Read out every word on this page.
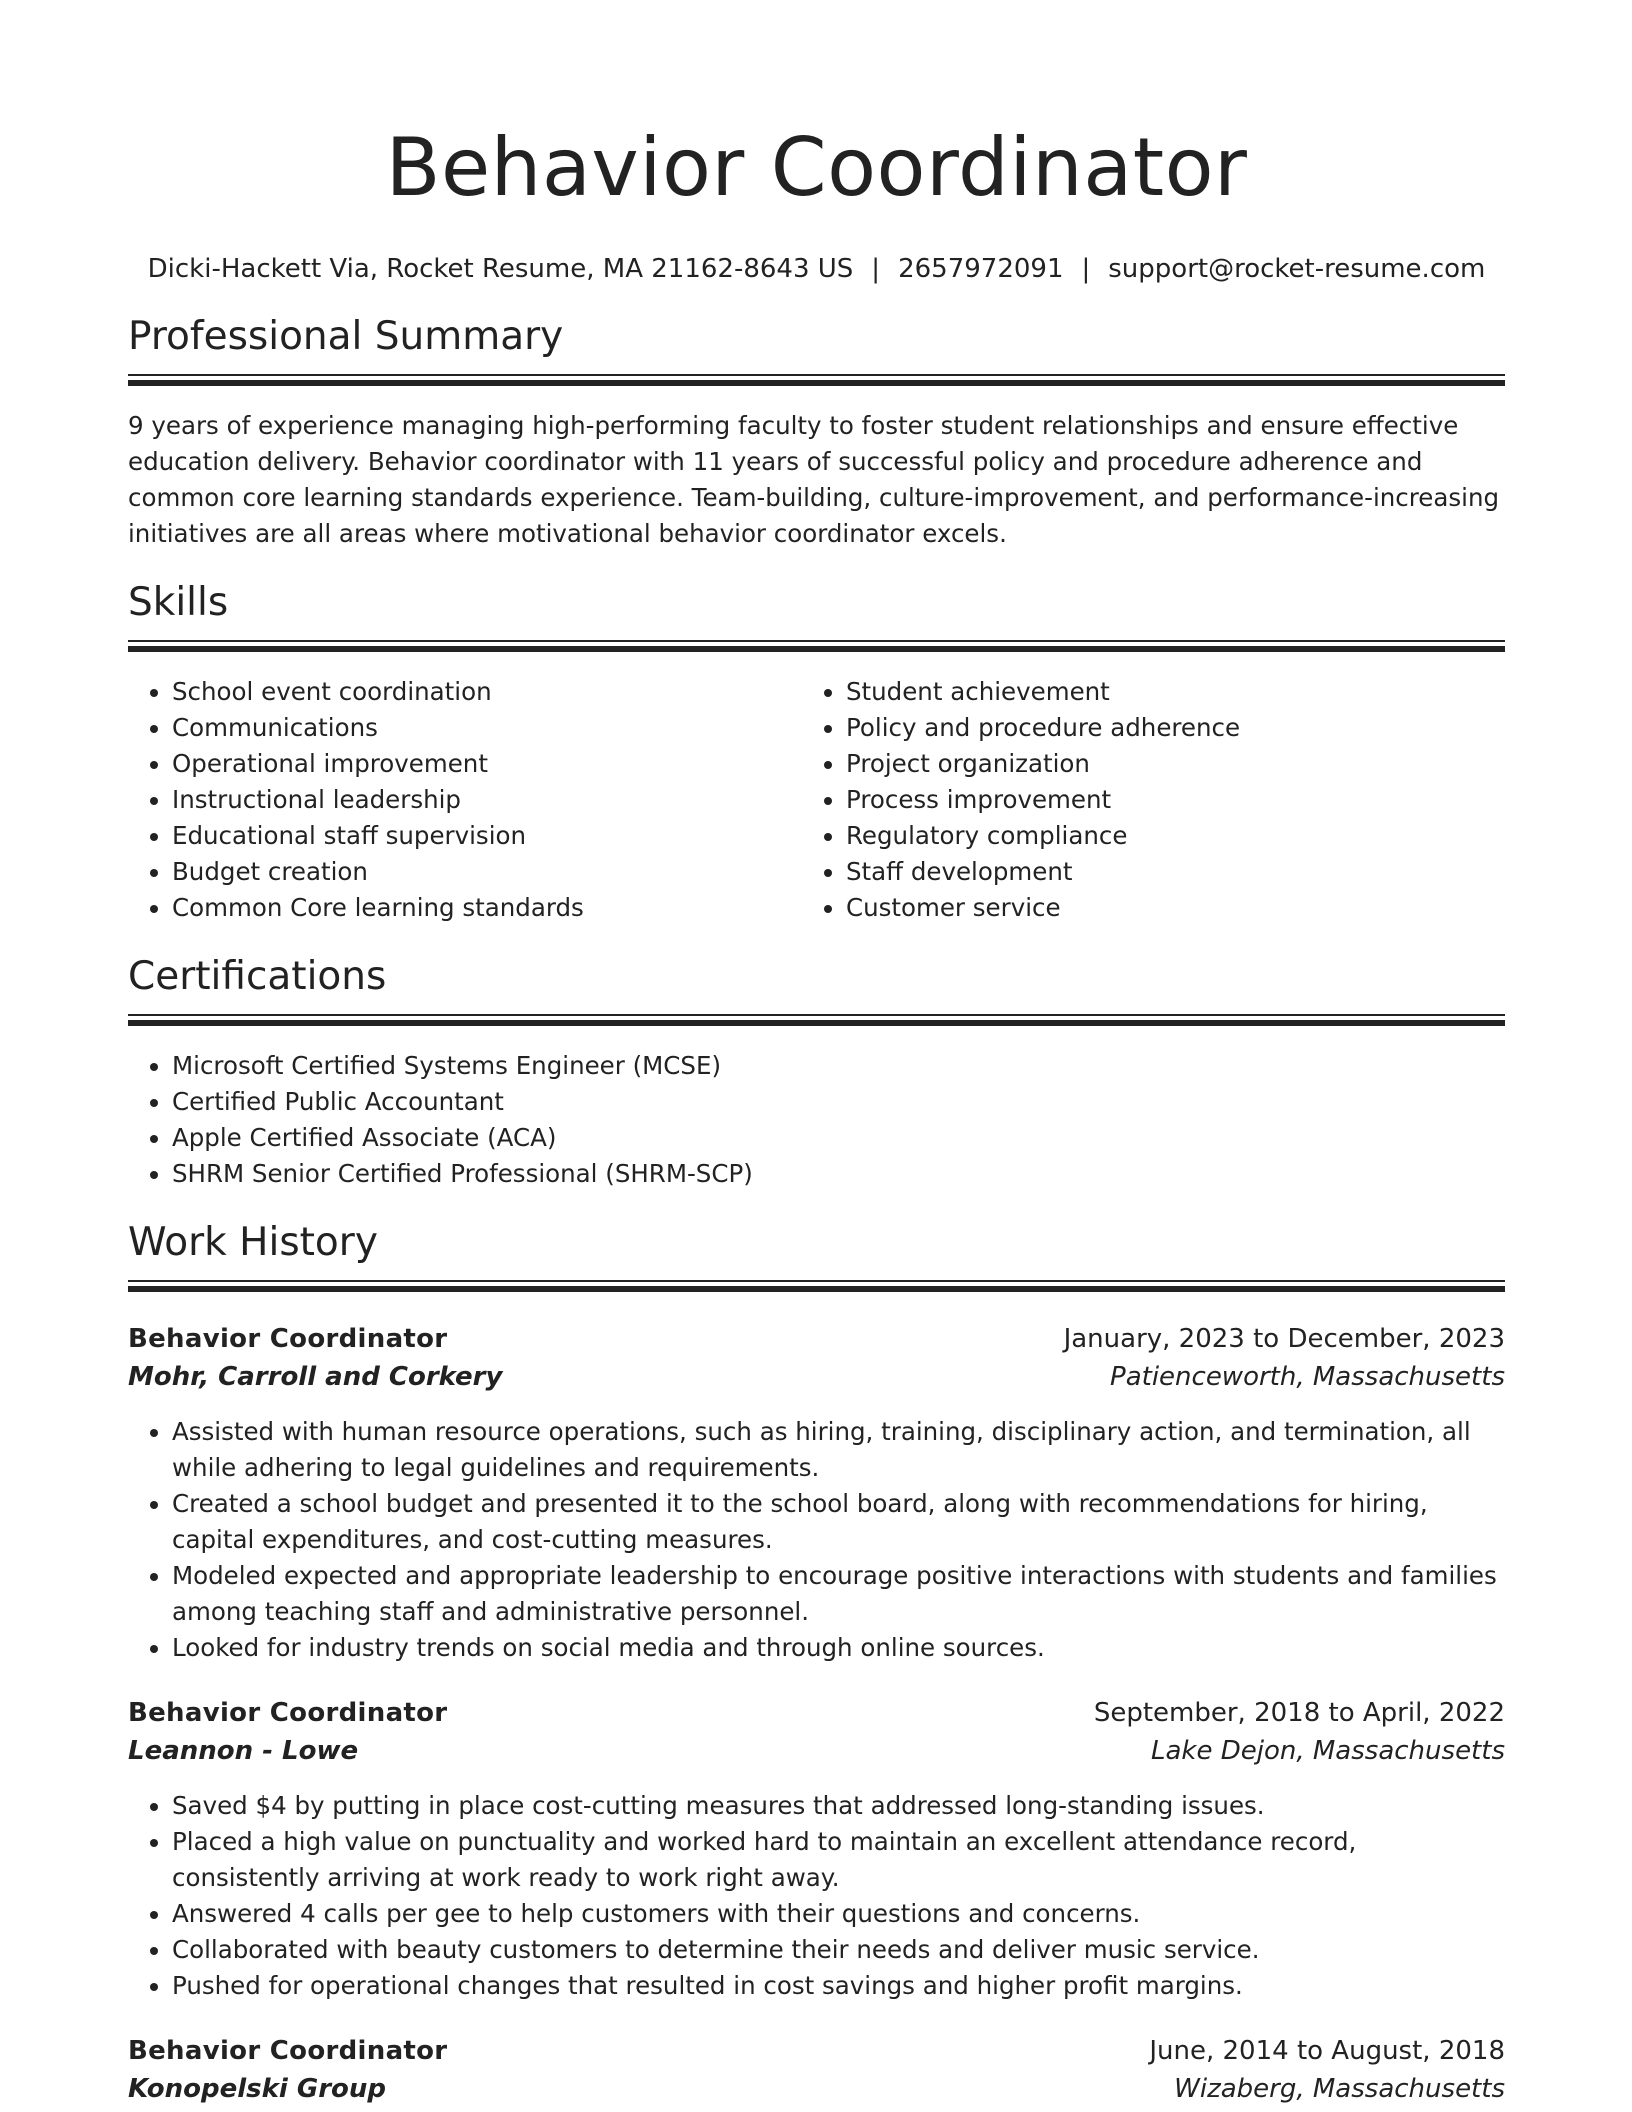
Behavior Coordinator
Dicki-Hackett Via, Rocket Resume, MA 21162-8643 US | 2657972091 | support@rocket-resume.com
Professional Summary

9 years of experience managing high-performing faculty to foster student relationships and ensure effective education delivery. Behavior coordinator with 11 years of successful policy and procedure adherence and common core learning standards experience. Team-building, culture-improvement, and performance-increasing initiatives are all areas where motivational behavior coordinator excels.

Skills
• School event coordination
• Communications
• Operational improvement
• Instructional leadership
• Educational staff supervision
• Budget creation
• Common Core learning standards
• Student achievement
• Policy and procedure adherence
• Project organization
• Process improvement
• Regulatory compliance
• Staff development
• Customer service
Certifications
• Microsoft Certified Systems Engineer (MCSE)
• Certified Public Accountant
• Apple Certified Associate (ACA)
• SHRM Senior Certified Professional (SHRM-SCP)
Work History
Behavior Coordinator	January, 2023 to December, 2023
Mohr, Carroll and Corkery	Patienceworth, Massachusetts
• Assisted with human resource operations, such as hiring, training, disciplinary action, and termination, all while adhering to legal guidelines and requirements.
• Created a school budget and presented it to the school board, along with recommendations for hiring, capital expenditures, and cost-cutting measures.
• Modeled expected and appropriate leadership to encourage positive interactions with students and families among teaching staff and administrative personnel.
• Looked for industry trends on social media and through online sources.
Behavior Coordinator	September, 2018 to April, 2022
Leannon - Lowe	Lake Dejon, Massachusetts
• Saved $4 by putting in place cost-cutting measures that addressed long-standing issues.
• Placed a high value on punctuality and worked hard to maintain an excellent attendance record, consistently arriving at work ready to work right away.
• Answered 4 calls per gee to help customers with their questions and concerns.
• Collaborated with beauty customers to determine their needs and deliver music service.
• Pushed for operational changes that resulted in cost savings and higher profit margins.
Behavior Coordinator	June, 2014 to August, 2018
Konopelski Group	Wizaberg, Massachusetts
